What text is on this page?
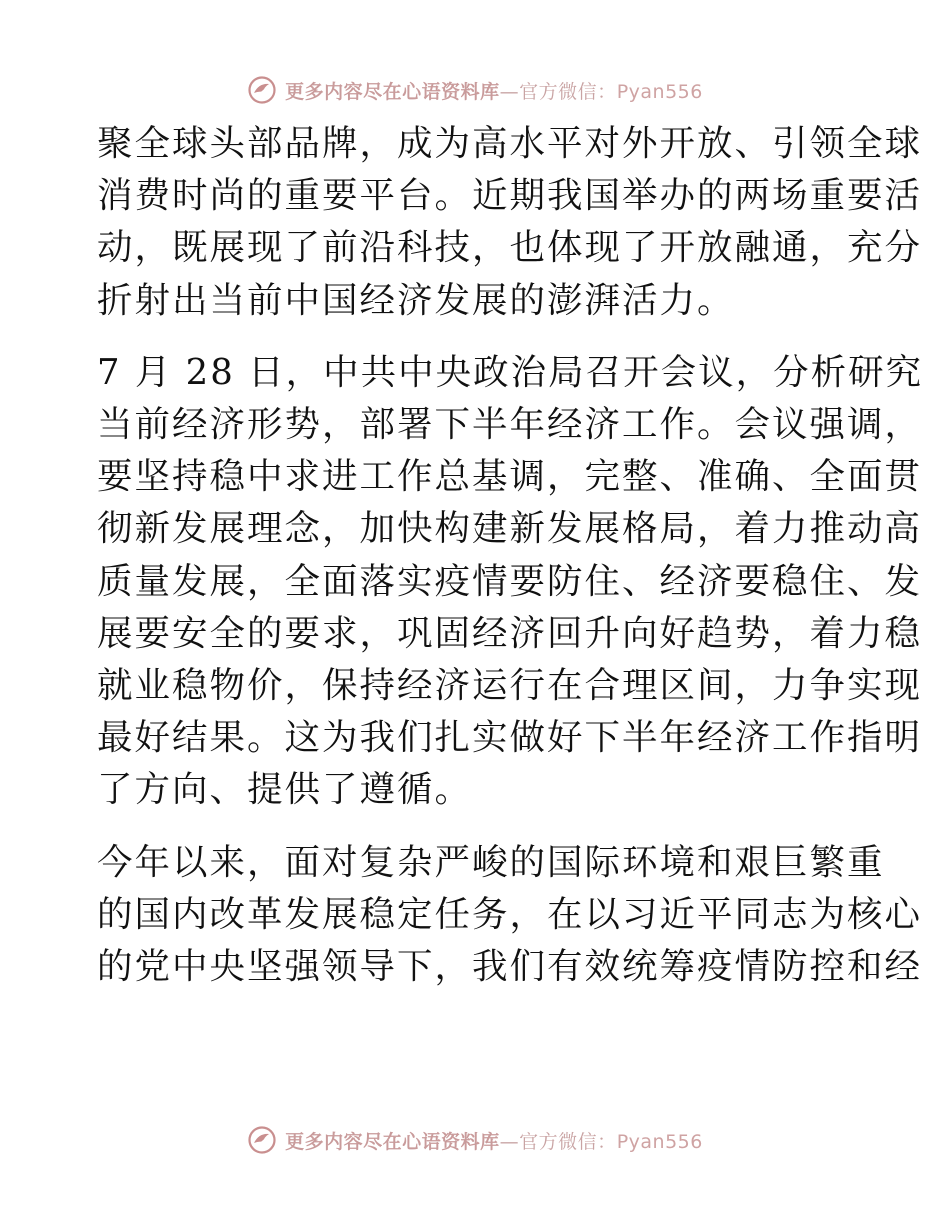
更多内容尽在心语资料库—官方微信：Pyan556

聚全球头部品牌，成为高水平对外开放、引领全球
消费时尚的重要平台。近期我国举办的两场重要活
动，既展现了前沿科技，也体现了开放融通，充分
折射出当前中国经济发展的澎湃活力。

7 月 28 日，中共中央政治局召开会议，分析研究
当前经济形势，部署下半年经济工作。会议强调，
要坚持稳中求进工作总基调，完整、准确、全面贯
彻新发展理念，加快构建新发展格局，着力推动高
质量发展，全面落实疫情要防住、经济要稳住、发
展要安全的要求，巩固经济回升向好趋势，着力稳
就业稳物价，保持经济运行在合理区间，力争实现
最好结果。这为我们扎实做好下半年经济工作指明
了方向、提供了遵循。

今年以来，面对复杂严峻的国际环境和艰巨繁重
的国内改革发展稳定任务，在以习近平同志为核心
的党中央坚强领导下，我们有效统筹疫情防控和经

更多内容尽在心语资料库—官方微信：Pyan556
